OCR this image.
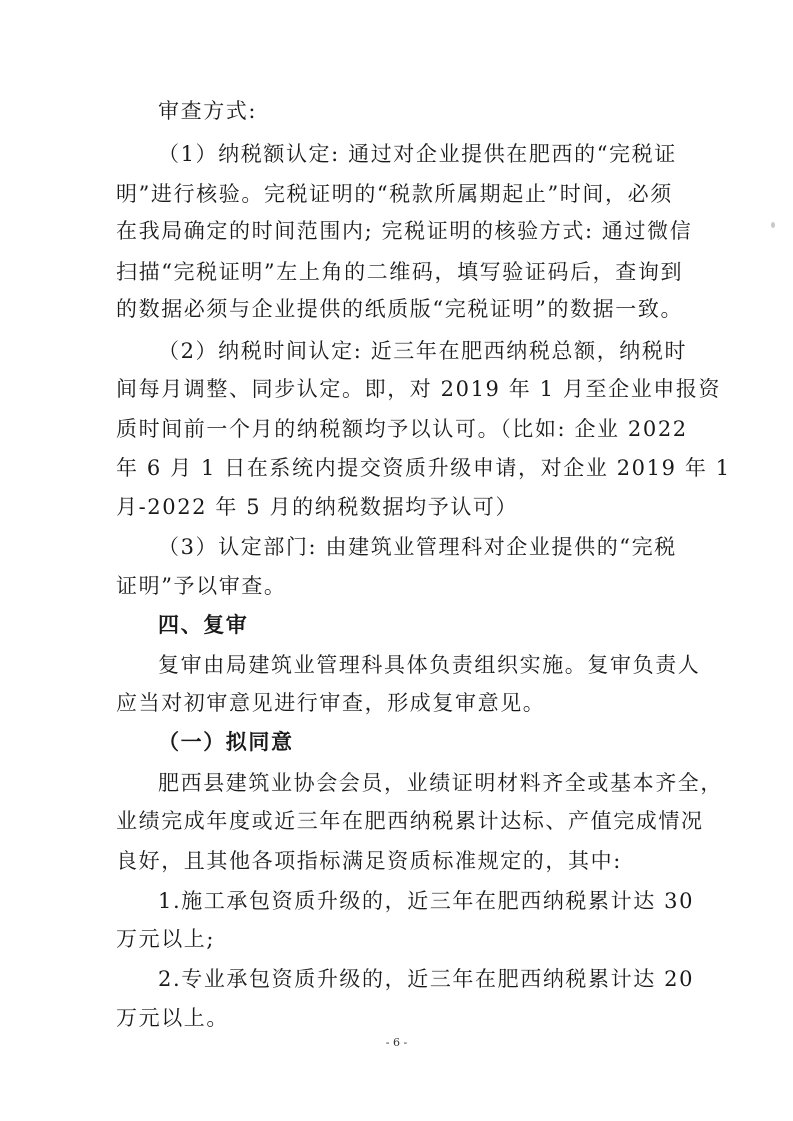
审查方式:
（1）纳税额认定: 通过对企业提供在肥西的“完税证
明”进行核验。完税证明的“税款所属期起止”时间，必须
在我局确定的时间范围内; 完税证明的核验方式: 通过微信
扫描“完税证明”左上角的二维码，填写验证码后，查询到
的数据必须与企业提供的纸质版“完税证明”的数据一致。
（2）纳税时间认定: 近三年在肥西纳税总额，纳税时
间每月调整、同步认定。即，对 2019 年 1 月至企业申报资
质时间前一个月的纳税额均予以认可。（比如: 企业 2022
年 6 月 1 日在系统内提交资质升级申请，对企业 2019 年 1
月-2022 年 5 月的纳税数据均予认可）
（3）认定部门: 由建筑业管理科对企业提供的“完税
证明”予以审查。
四、复审
复审由局建筑业管理科具体负责组织实施。复审负责人
应当对初审意见进行审查，形成复审意见。
（一）拟同意
肥西县建筑业协会会员，业绩证明材料齐全或基本齐全，
业绩完成年度或近三年在肥西纳税累计达标、产值完成情况
良好，且其他各项指标满足资质标准规定的，其中:
1.施工承包资质升级的，近三年在肥西纳税累计达 30
万元以上;
2.专业承包资质升级的，近三年在肥西纳税累计达 20
万元以上。
- 6 -
